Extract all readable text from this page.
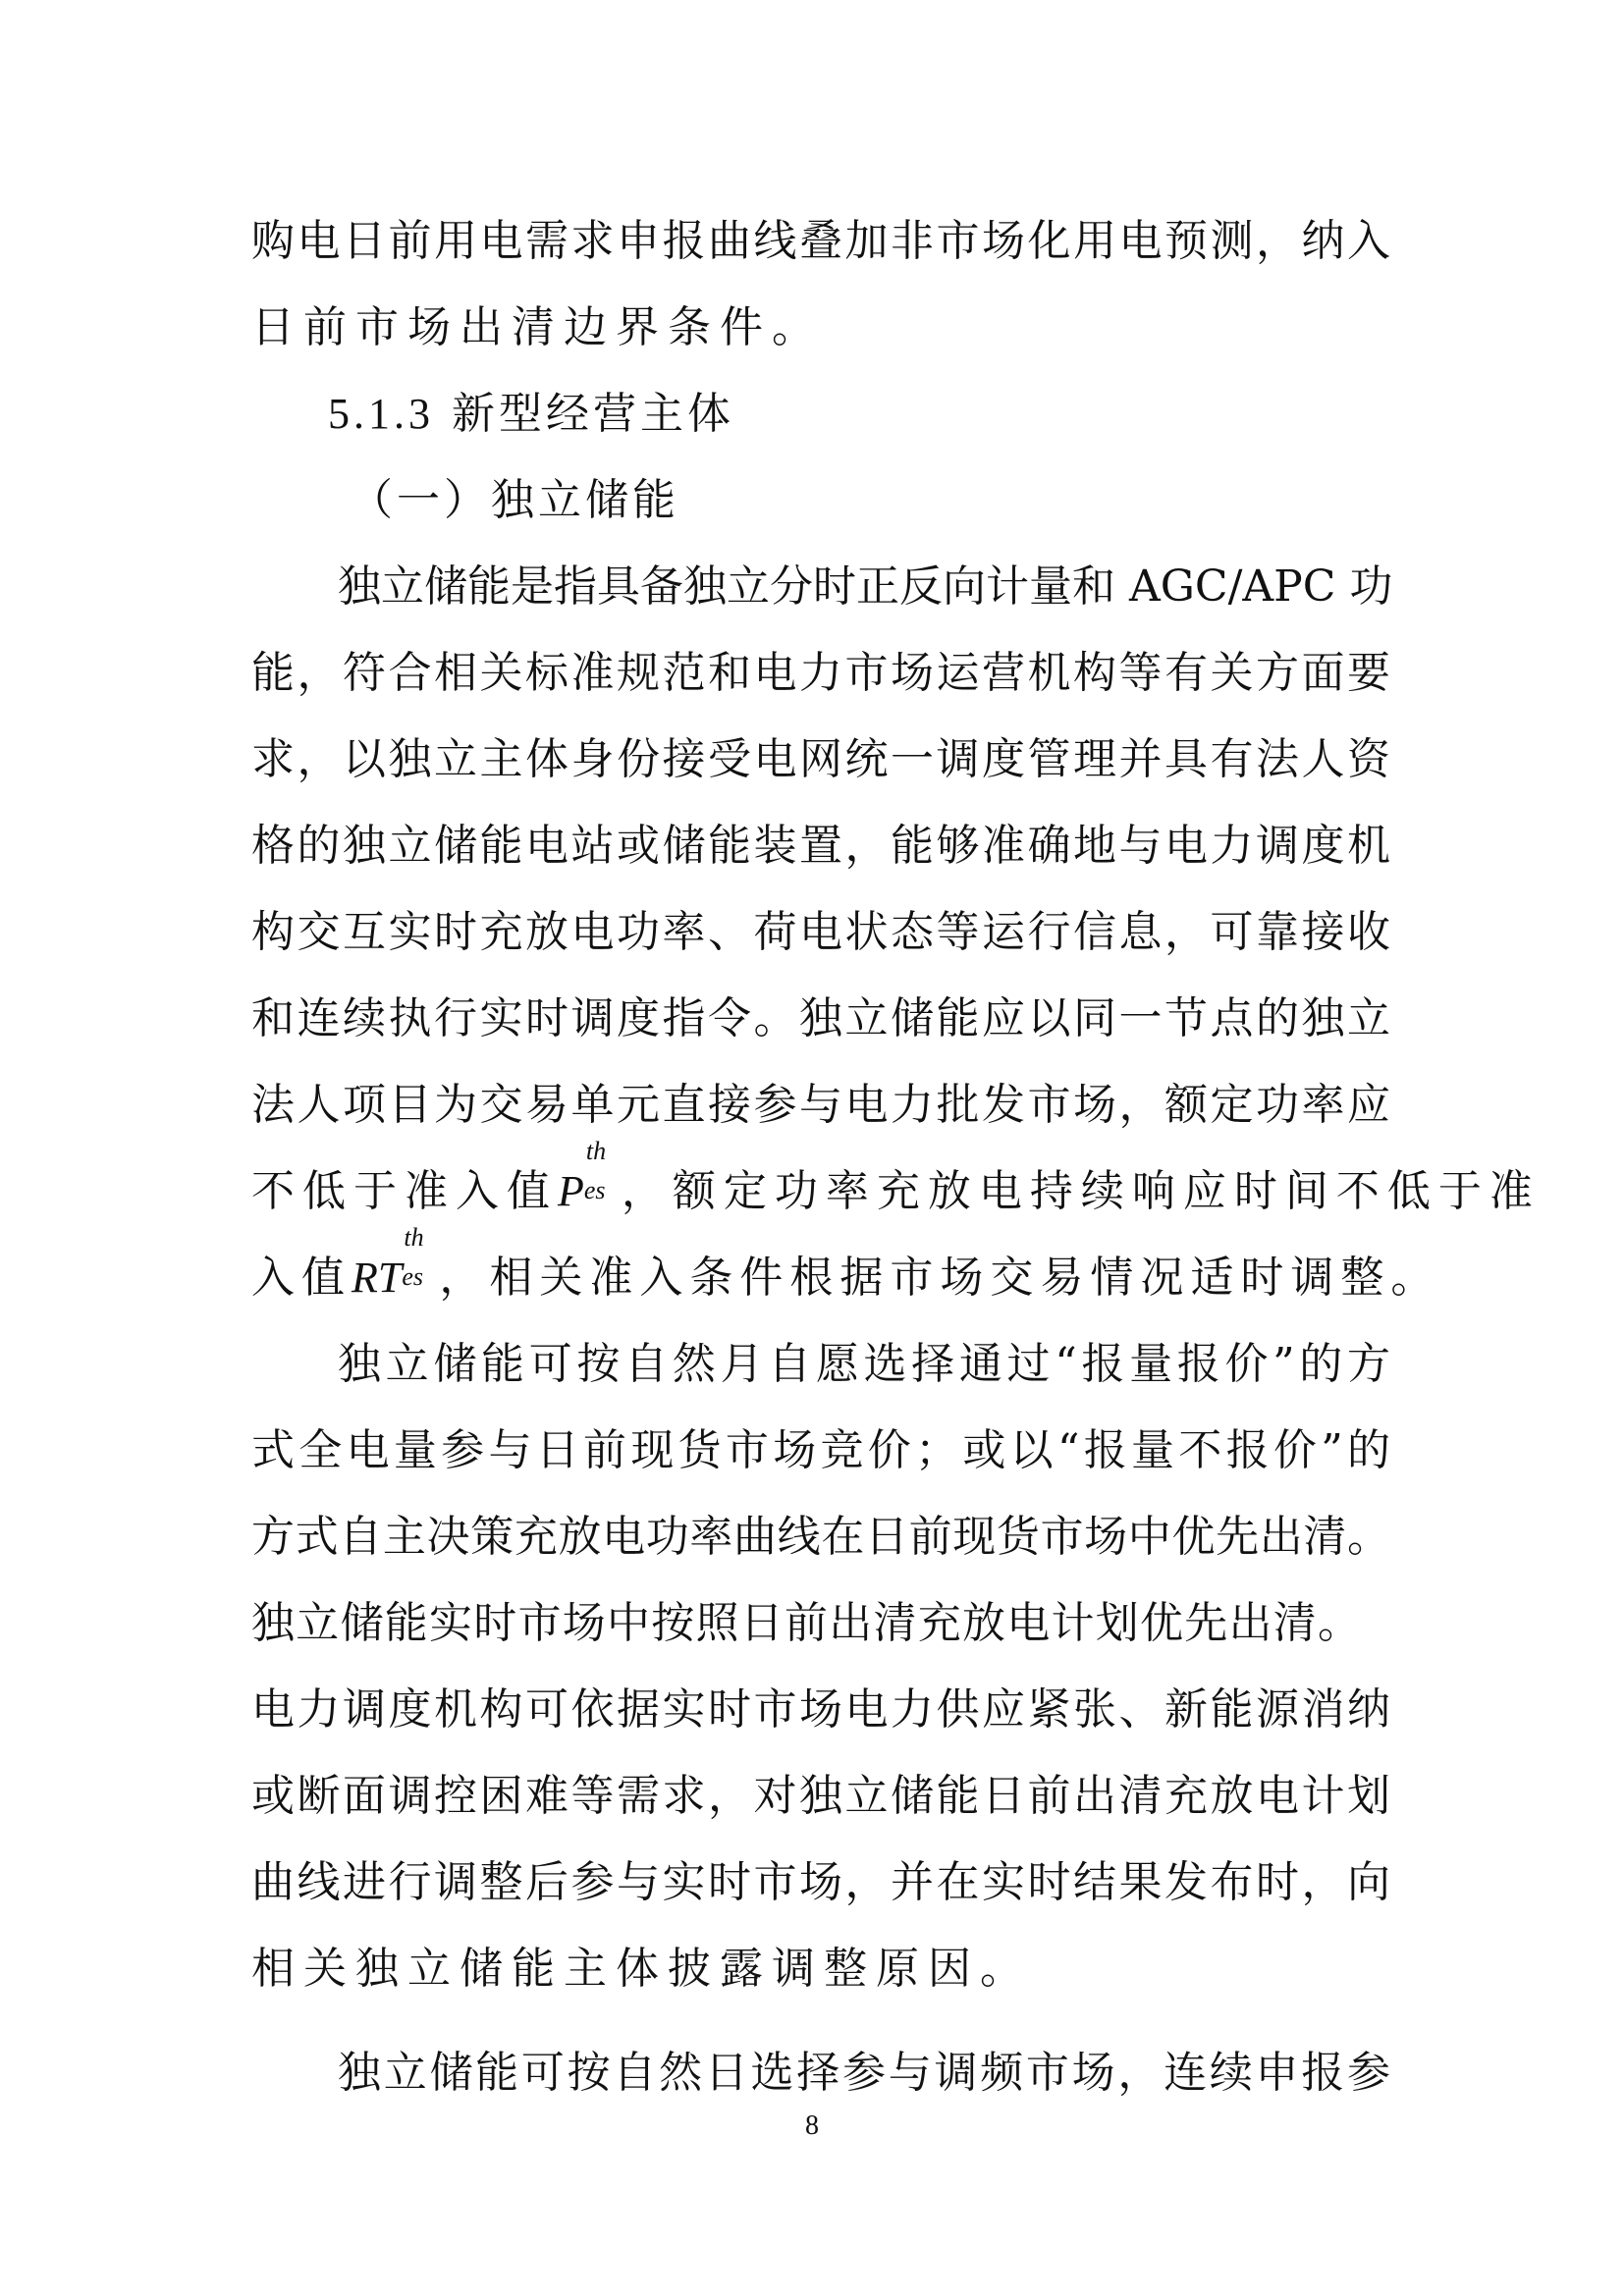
购电日前用电需求申报曲线叠加非市场化用电预测，纳入
日前市场出清边界条件。
5.1.3 新型经营主体
（一）独立储能
独立储能是指具备独立分时正反向计量和 AGC/APC 功
能，符合相关标准规范和电力市场运营机构等有关方面要
求，以独立主体身份接受电网统一调度管理并具有法人资
格的独立储能电站或储能装置，能够准确地与电力调度机
构交互实时充放电功率、荷电状态等运行信息，可靠接收
和连续执行实时调度指令。独立储能应以同一节点的独立
法人项目为交易单元直接参与电力批发市场，额定功率应
不低于准入值P
th
es ，额定功率充放电持续响应时间不低于准
入值RT
th
es ，相关准入条件根据市场交易情况适时调整。
独立储能可按自然月自愿选择通过“报量报价”的方
式全电量参与日前现货市场竞价；或以“报量不报价”的
方式自主决策充放电功率曲线在日前现货市场中优先出清。
独立储能实时市场中按照日前出清充放电计划优先出清。
电力调度机构可依据实时市场电力供应紧张、新能源消纳
或断面调控困难等需求，对独立储能日前出清充放电计划
曲线进行调整后参与实时市场，并在实时结果发布时，向
相关独立储能主体披露调整原因。
独立储能可按自然日选择参与调频市场，连续申报参
8
